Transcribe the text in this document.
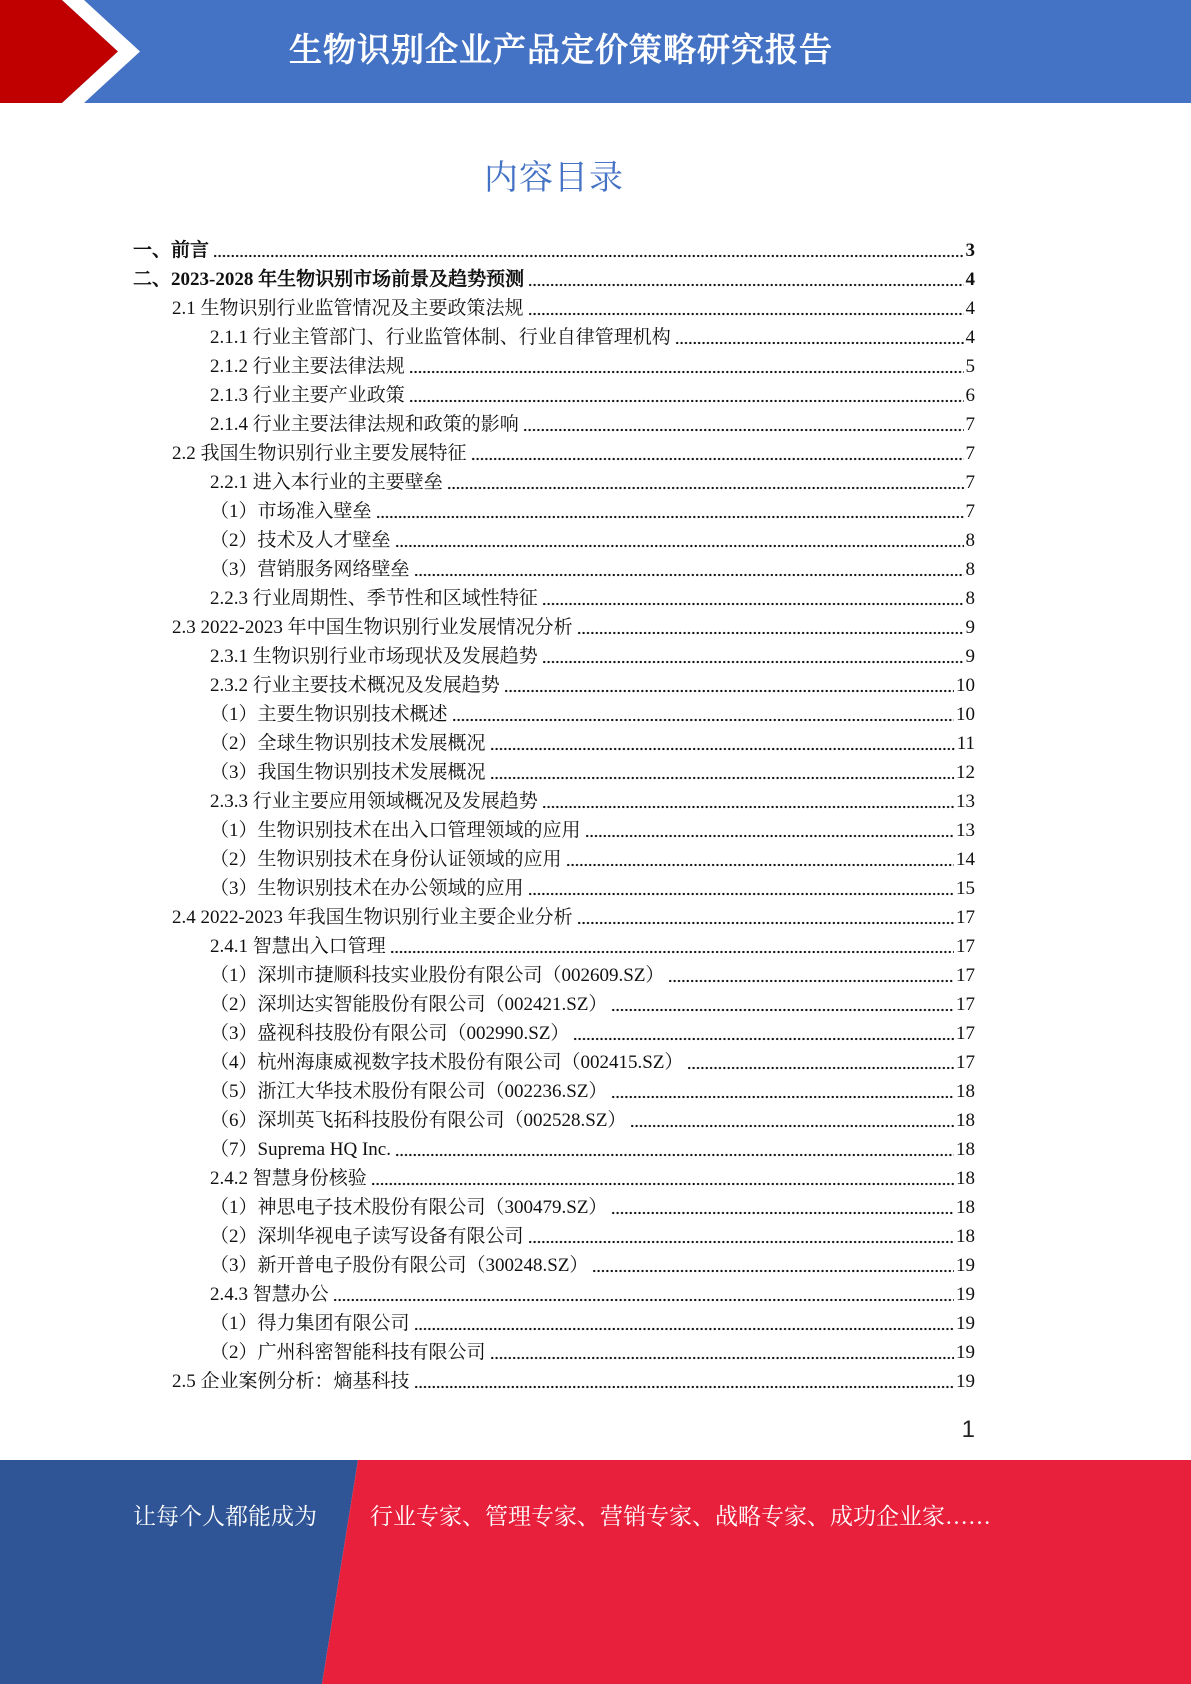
生物识别企业产品定价策略研究报告
内容目录
一、前言	3
二、2023-2028 年生物识别市场前景及趋势预测	4
2.1 生物识别行业监管情况及主要政策法规	4
2.1.1 行业主管部门、行业监管体制、行业自律管理机构	4
2.1.2 行业主要法律法规	5
2.1.3 行业主要产业政策	6
2.1.4 行业主要法律法规和政策的影响	7
2.2 我国生物识别行业主要发展特征	7
2.2.1 进入本行业的主要壁垒	7
（1）市场准入壁垒	7
（2）技术及人才壁垒	8
（3）营销服务网络壁垒	8
2.2.3 行业周期性、季节性和区域性特征	8
2.3 2022-2023 年中国生物识别行业发展情况分析	9
2.3.1 生物识别行业市场现状及发展趋势	9
2.3.2 行业主要技术概况及发展趋势	10
（1）主要生物识别技术概述	10
（2）全球生物识别技术发展概况	11
（3）我国生物识别技术发展概况	12
2.3.3 行业主要应用领域概况及发展趋势	13
（1）生物识别技术在出入口管理领域的应用	13
（2）生物识别技术在身份认证领域的应用	14
（3）生物识别技术在办公领域的应用	15
2.4 2022-2023 年我国生物识别行业主要企业分析	17
2.4.1 智慧出入口管理	17
（1）深圳市捷顺科技实业股份有限公司（002609.SZ）	17
（2）深圳达实智能股份有限公司（002421.SZ）	17
（3）盛视科技股份有限公司（002990.SZ）	17
（4）杭州海康威视数字技术股份有限公司（002415.SZ）	17
（5）浙江大华技术股份有限公司（002236.SZ）	18
（6）深圳英飞拓科技股份有限公司（002528.SZ）	18
（7）Suprema HQ Inc.	18
2.4.2 智慧身份核验	18
（1）神思电子技术股份有限公司（300479.SZ）	18
（2）深圳华视电子读写设备有限公司	18
（3）新开普电子股份有限公司（300248.SZ）	19
2.4.3 智慧办公	19
（1）得力集团有限公司	19
（2）广州科密智能科技有限公司	19
2.5 企业案例分析：熵基科技	19
1
让每个人都能成为 行业专家、管理专家、营销专家、战略专家、成功企业家……
